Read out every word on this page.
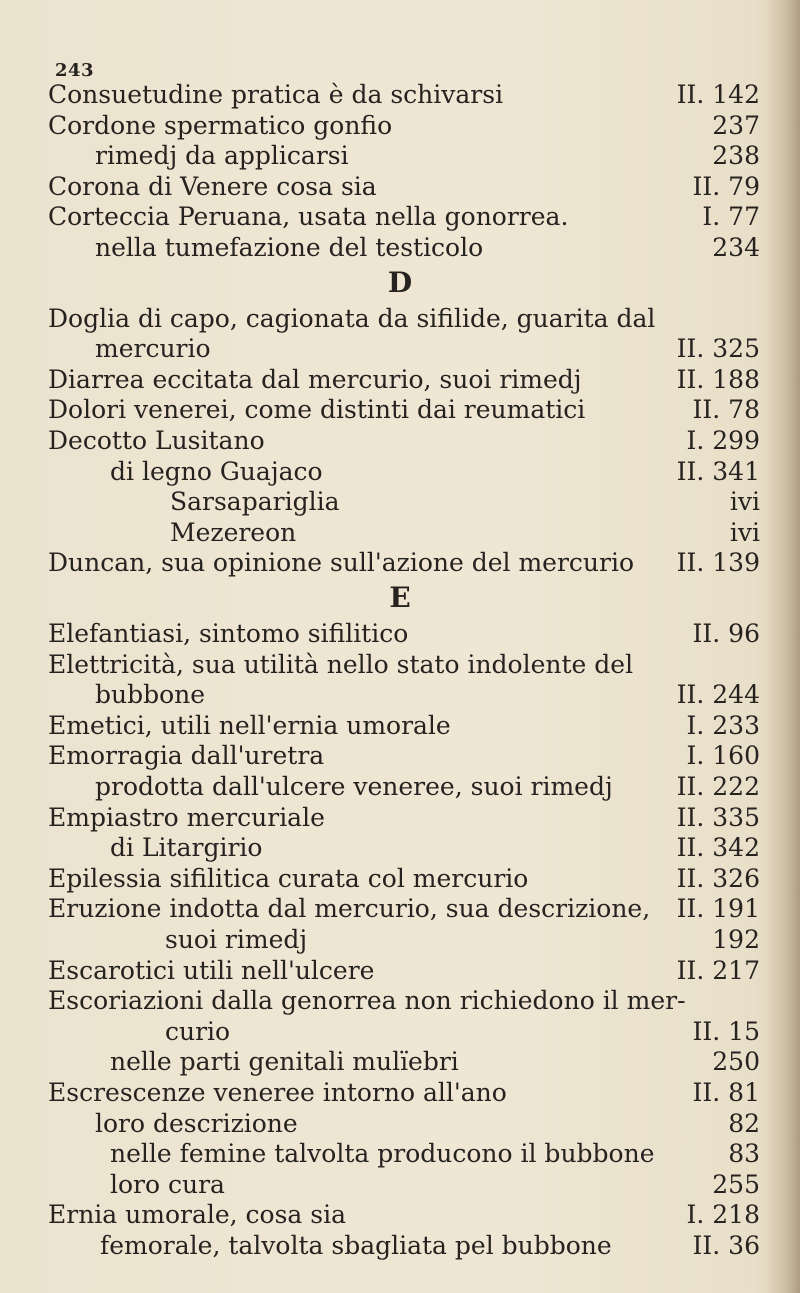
243
D
E
Consuetudine pratica è da schivarsi	II. 142
Cordone spermatico gonfio	237
rimedj da applicarsi	238
Corona di Venere cosa sia	II. 79
Corteccia Peruana, usata nella gonorrea.	I. 77
nella tumefazione del testicolo	234
Doglia di capo, cagionata da sifilide, guarita dal
mercurio	II. 325
Diarrea eccitata dal mercurio, suoi rimedj	II. 188
Dolori venerei, come distinti dai reumatici	II. 78
Decotto Lusitano	I. 299
di legno Guajaco	II. 341
Sarsapariglia	ivi
Mezereon	ivi
Duncan, sua opinione sull'azione del mercurio	II. 139
Elefantiasi, sintomo sifilitico	II. 96
Elettricità, sua utilità nello stato indolente del
bubbone	II. 244
Emetici, utili nell'ernia umorale	I. 233
Emorragia dall'uretra	I. 160
prodotta dall'ulcere veneree, suoi rimedj	II. 222
Empiastro mercuriale	II. 335
di Litargirio	II. 342
Epilessia sifilitica curata col mercurio	II. 326
Eruzione indotta dal mercurio, sua descrizione,	II. 191
suoi rimedj	192
Escarotici utili nell'ulcere	II. 217
Escoriazioni dalla genorrea non richiedono il mer-
curio	II. 15
nelle parti genitali mulïebri	250
Escrescenze veneree intorno all'ano	II. 81
loro descrizione	82
nelle femine talvolta producono il bubbone	83
loro cura	255
Ernia umorale, cosa sia	I. 218
femorale, talvolta sbagliata pel bubbone	II. 36
